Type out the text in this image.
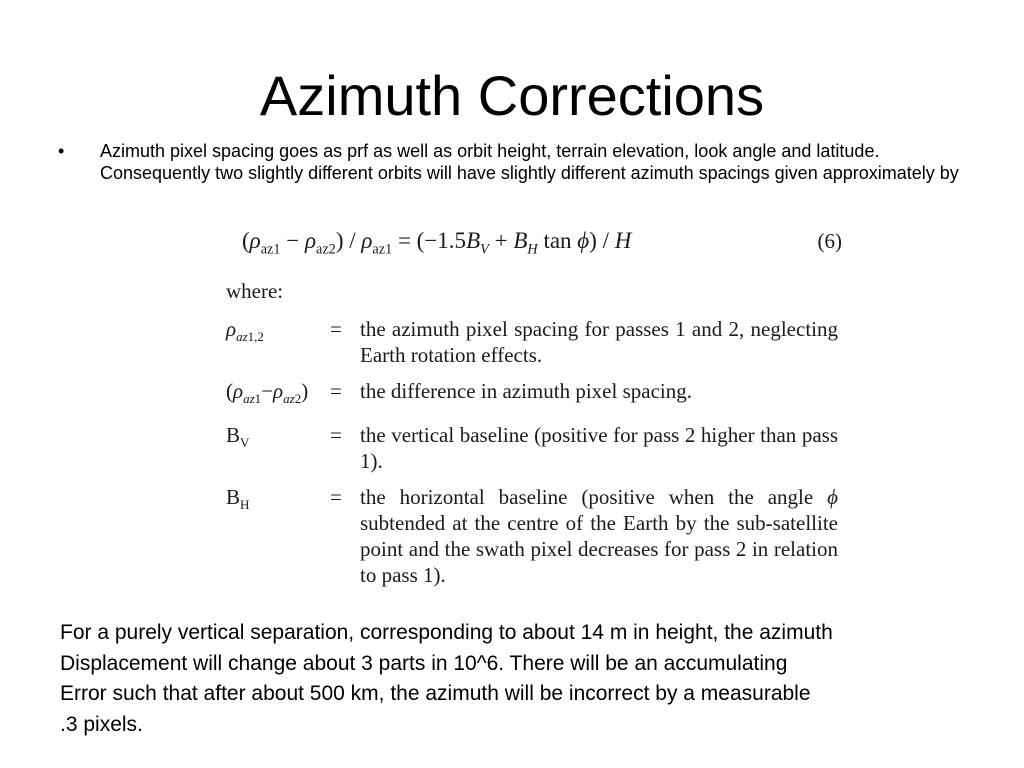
Azimuth Corrections
• Azimuth pixel spacing goes as prf as well as orbit height, terrain elevation, look angle and latitude. Consequently two slightly different orbits will have slightly different azimuth spacings given approximately by
$(\rho_{az1} - \rho_{az2}) / \rho_{az1} = (-1.5B_V + B_H$ tan ϕ) / H	(6)
where:
$\rho_{az1,2}$	= the azimuth pixel spacing for passes 1 and 2, neglecting Earth rotation effects.
$(\rho_{az1}-\rho_{az2})$	= the difference in azimuth pixel spacing.
$B_V$	= the vertical baseline (positive for pass 2 higher than pass 1).
$B_H$	= the horizontal baseline (positive when the angle ϕ subtended at the centre of the Earth by the sub-satellite point and the swath pixel decreases for pass 2 in relation to pass 1).
For a purely vertical separation, corresponding to about 14 m in height, the azimuth
Displacement will change about 3 parts in 10^6. There will be an accumulating
Error such that after about 500 km, the azimuth will be incorrect by a measurable
.3 pixels.
